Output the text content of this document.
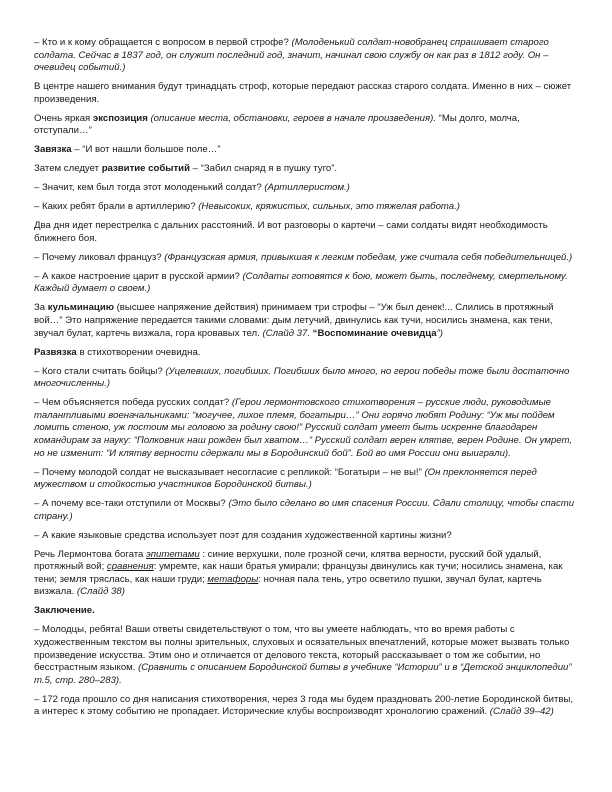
– Кто и к кому обращается с вопросом в первой строфе? (Молоденький солдат-новобранец спрашивает старого солдата. Сейчас в 1837 год, он служит последний год, значит, начинал свою службу он как раз в 1812 году. Он – очевидец событий.)

В центре нашего внимания будут тринадцать строф, которые передают рассказ старого солдата. Именно в них – сюжет произведения.

Очень яркая экспозиция (описание места, обстановки, героев в начале произведения). “Мы долго, молча, отступали…”

Завязка – “И вот нашли большое поле…”

Затем следует развитие событий – “Забил снаряд я в пушку туго”.

– Значит, кем был тогда этот молоденький солдат? (Артиллеристом.)

– Каких ребят брали в артиллерию? (Невысоких, кряжистых, сильных, это тяжелая работа.)

Два дня идет перестрелка с дальних расстояний. И вот разговоры о картечи – сами солдаты видят необходимость ближнего боя.

– Почему ликовал француз? (Французская армия, привыкшая к легким победам, уже считала себя победительницей.)

– А какое настроение царит в русской армии? (Солдаты готовятся к бою, может быть, последнему, смертельному. Каждый думает о своем.)

За кульминацию (высшее напряжение действия) принимаем три строфы – “Уж был денек!... Слились в протяжный вой…” Это напряжение передается такими словами: дым летучий, двинулись как тучи, носились знамена, как тени, звучал булат, картечь визжала, гора кровавых тел. (Слайд 37. “Воспоминание очевидца”)

Развязка в стихотворении очевидна.

– Кого стали считать бойцы? (Уцелевших, погибших. Погибших было много, но герои победы тоже были достаточно многочисленны.)

– Чем объясняется победа русских солдат? (Герои лермонтовского стихотворения – русские люди, руководимые талантливыми военачальниками: “могучее, лихое племя, богатыри…” Они горячо любят Родину: “Уж мы пойдем ломить стеною, уж постоим мы головою за родину свою!” Русский солдат умеет быть искренне благодарен командирам за науку: “Полковник наш рожден был хватом…” Русский солдат верен клятве, верен Родине. Он умрет, но не изменит: “И клятву верности сдержали мы в Бородинский бой”. Бой во имя России они выиграли).

– Почему молодой солдат не высказывает несогласие с репликой: “Богатыри – не вы!” (Он преклоняется перед мужеством и стойкостью участников Бородинской битвы.)

– А почему все-таки отступили от Москвы? (Это было сделано во имя спасения России. Сдали столицу, чтобы спасти страну.)

– А какие языковые средства использует поэт для создания художественной картины жизни?

Речь Лермонтова богата эпитетами : синие верхушки, поле грозной сечи, клятва верности, русский бой удалый, протяжный вой; сравнения: умремте, как наши братья умирали; французы двинулись как тучи; носились знамена, как тени; земля тряслась, как наши груди; метафоры: ночная пала тень, утро осветило пушки, звучал булат, картечь визжала. (Слайд 38)

Заключение.

– Молодцы, ребята! Ваши ответы свидетельствуют о том, что вы умеете наблюдать, что во время работы с художественным текстом вы полны зрительных, слуховых и осязательных впечатлений, которые может вызвать только произведение искусства. Этим оно и отличается от делового текста, который рассказывает о том же событии, но бесстрастным языком. (Сравнить с описанием Бородинской битвы в учебнике “Истории” и в “Детской энциклопедии” т.5, стр. 280–283).

– 172 года прошло со дня написания стихотворения, через 3 года мы будем праздновать 200-летие Бородинской битвы, а интерес к этому событию не пропадает. Исторические клубы воспроизводят хронологию сражений. (Слайд 39–42)
